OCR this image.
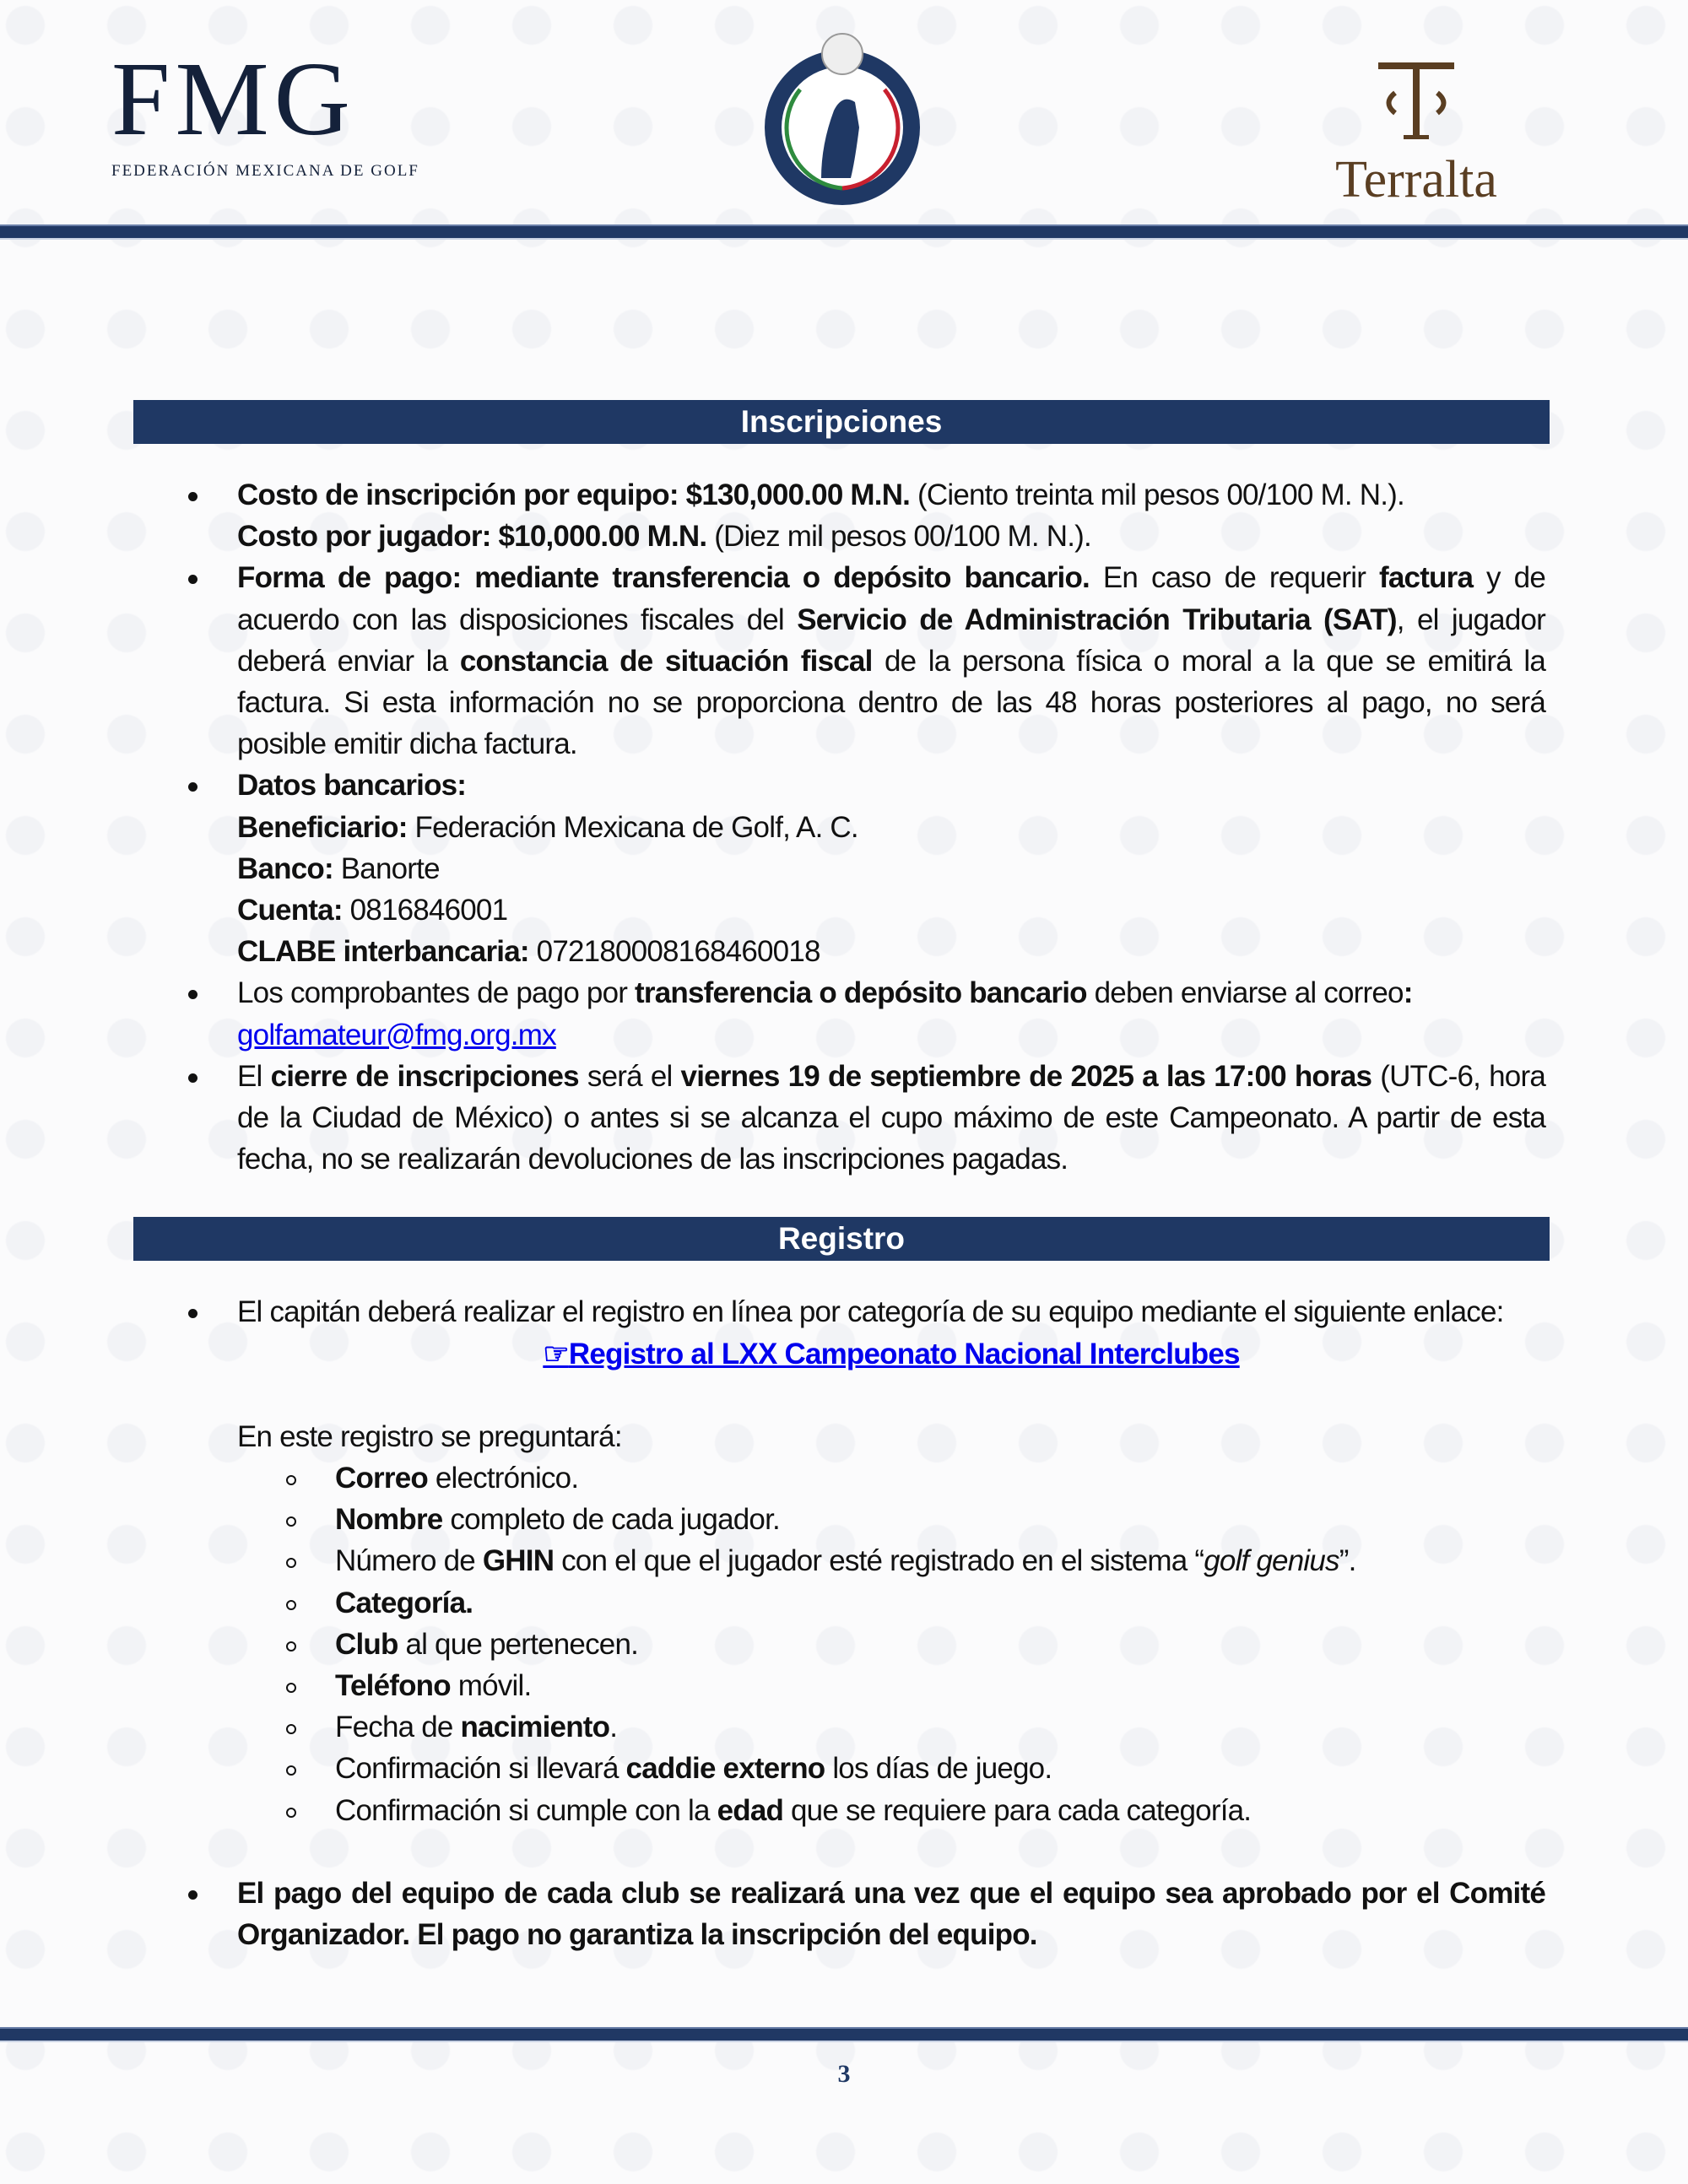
FMG
FEDERACIÓN MEXICANA DE GOLF	Terralta
Inscripciones
Costo de inscripción por equipo: $130,000.00 M.N. (Ciento treinta mil pesos 00/100 M. N.).
Costo por jugador: $10,000.00 M.N. (Diez mil pesos 00/100 M. N.).
Forma de pago: mediante transferencia o depósito bancario. En caso de requerir factura y de acuerdo con las disposiciones fiscales del Servicio de Administración Tributaria (SAT), el jugador deberá enviar la constancia de situación fiscal de la persona física o moral a la que se emitirá la factura. Si esta información no se proporciona dentro de las 48 horas posteriores al pago, no será posible emitir dicha factura.
Datos bancarios:
Beneficiario: Federación Mexicana de Golf, A. C.
Banco: Banorte
Cuenta: 0816846001
CLABE interbancaria: 072180008168460018
Los comprobantes de pago por transferencia o depósito bancario deben enviarse al correo:
golfamateur@fmg.org.mx
El cierre de inscripciones será el viernes 19 de septiembre de 2025 a las 17:00 horas (UTC-6, hora de la Ciudad de México) o antes si se alcanza el cupo máximo de este Campeonato. A partir de esta fecha, no se realizarán devoluciones de las inscripciones pagadas.
Registro
El capitán deberá realizar el registro en línea por categoría de su equipo mediante el siguiente enlace:
☞Registro al LXX Campeonato Nacional Interclubes
En este registro se preguntará:
Correo electrónico.
Nombre completo de cada jugador.
Número de GHIN con el que el jugador esté registrado en el sistema “golf genius”.
Categoría.
Club al que pertenecen.
Teléfono móvil.
Fecha de nacimiento.
Confirmación si llevará caddie externo los días de juego.
Confirmación si cumple con la edad que se requiere para cada categoría.
El pago del equipo de cada club se realizará una vez que el equipo sea aprobado por el Comité Organizador. El pago no garantiza la inscripción del equipo.
3
